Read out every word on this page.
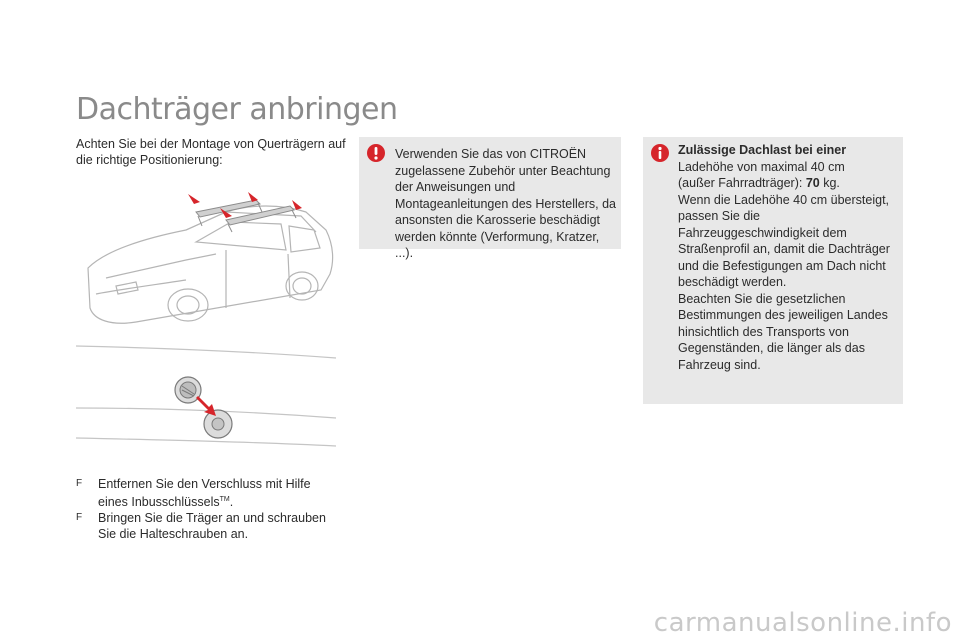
Dachträger anbringen

Achten Sie bei der Montage von Querträgern auf die richtige Positionierung:

F Entfernen Sie den Verschluss mit Hilfe eines Inbusschlüssels™.
F Bringen Sie die Träger an und schrauben Sie die Halteschrauben an.
Verwenden Sie das von CITROËN zugelassene Zubehör unter Beachtung der Anweisungen und Montageanleitungen des Herstellers, da ansonsten die Karosserie beschädigt werden könnte (Verformung, Kratzer, ...).
Zulässige Dachlast bei einer
Ladehöhe von maximal 40 cm
(außer Fahrradträger): 70 kg.
Wenn die Ladehöhe 40 cm übersteigt, passen Sie die Fahrzeuggeschwindigkeit dem Straßenprofil an, damit die Dachträger und die Befestigungen am Dach nicht beschädigt werden.
Beachten Sie die gesetzlichen Bestimmungen des jeweiligen Landes hinsichtlich des Transports von Gegenständen, die länger als das Fahrzeug sind.
carmanualsonline.info
